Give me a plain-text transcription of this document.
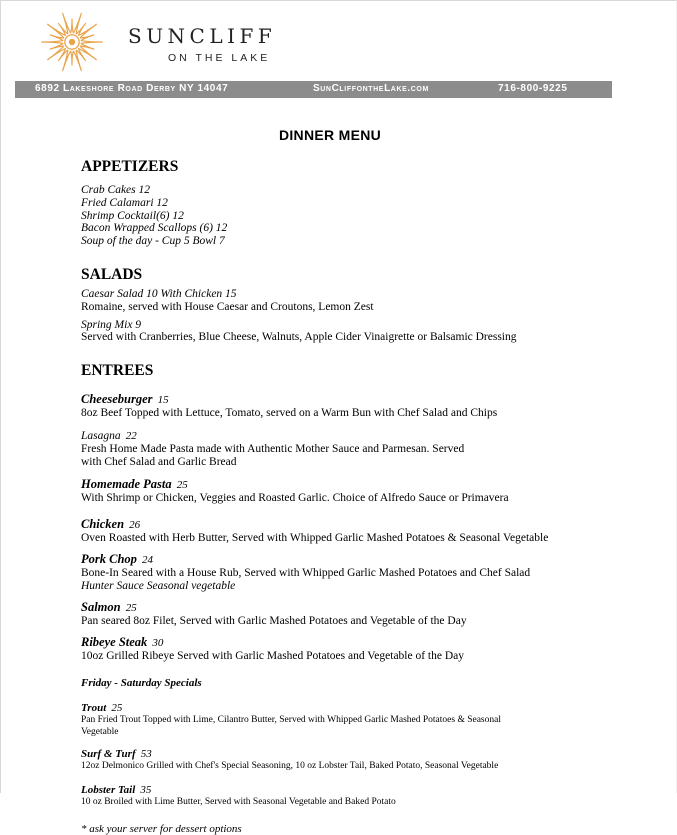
SUNCLIFF
ON THE LAKE
6892 Lakeshore Road Derby NY 14047	SunCliffontheLake.com	716-800-9225
DINNER MENU
APPETIZERS
Crab Cakes 12
Fried Calamari 12
Shrimp Cocktail(6) 12
Bacon Wrapped Scallops (6) 12
Soup of the day - Cup 5 Bowl 7
SALADS
Caesar Salad 10 With Chicken 15
Romaine, served with House Caesar and Croutons, Lemon Zest
Spring Mix 9
Served with Cranberries, Blue Cheese, Walnuts, Apple Cider Vinaigrette or Balsamic Dressing
ENTREES
Cheeseburger 15
8oz Beef Topped with Lettuce, Tomato, served on a Warm Bun with Chef Salad and Chips
Lasagna 22
Fresh Home Made Pasta made with Authentic Mother Sauce and Parmesan. Served
with Chef Salad and Garlic Bread
Homemade Pasta 25
With Shrimp or Chicken, Veggies and Roasted Garlic. Choice of Alfredo Sauce or Primavera
Chicken 26
Oven Roasted with Herb Butter, Served with Whipped Garlic Mashed Potatoes & Seasonal Vegetable
Pork Chop 24
Bone-In Seared with a House Rub, Served with Whipped Garlic Mashed Potatoes and Chef Salad
Hunter Sauce Seasonal vegetable
Salmon 25
Pan seared 8oz Filet, Served with Garlic Mashed Potatoes and Vegetable of the Day
Ribeye Steak 30
10oz Grilled Ribeye Served with Garlic Mashed Potatoes and Vegetable of the Day
Friday - Saturday Specials
Trout 25
Pan Fried Trout Topped with Lime, Cilantro Butter, Served with Whipped Garlic Mashed Potatoes & Seasonal
Vegetable
Surf & Turf 53
12oz Delmonico Grilled with Chef's Special Seasoning, 10 oz Lobster Tail, Baked Potato, Seasonal Vegetable
Lobster Tail 35
10 oz Broiled with Lime Butter, Served with Seasonal Vegetable and Baked Potato
* ask your server for dessert options
